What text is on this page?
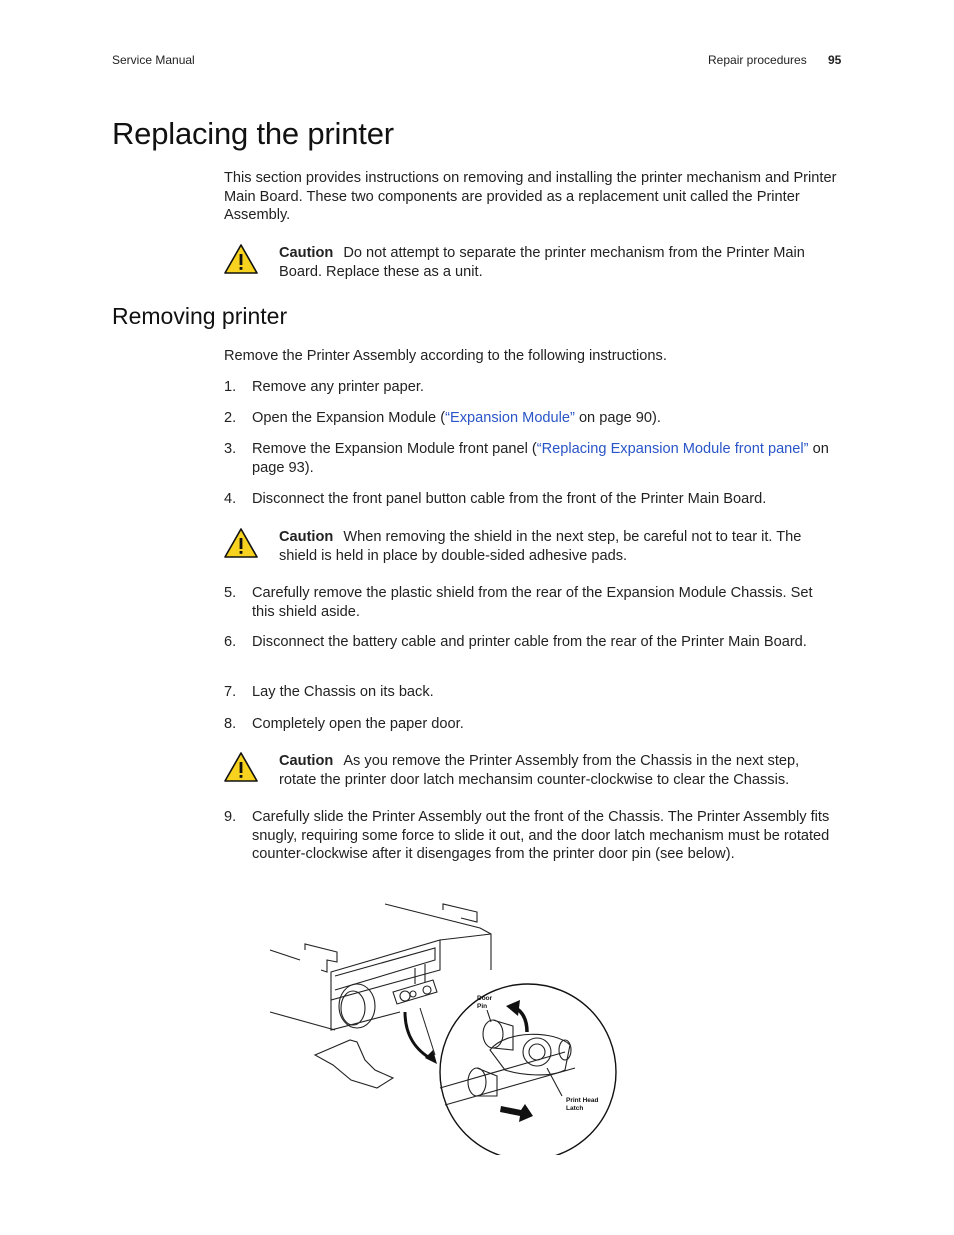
Service Manual	Repair procedures 95
Replacing the printer
This section provides instructions on removing and installing the printer mechanism and Printer Main Board. These two components are provided as a replacement unit called the Printer Assembly.
Caution Do not attempt to separate the printer mechanism from the Printer Main Board. Replace these as a unit.
Removing printer
Remove the Printer Assembly according to the following instructions.
1. Remove any printer paper.
2. Open the Expansion Module (“Expansion Module” on page 90).
3. Remove the Expansion Module front panel (“Replacing Expansion Module front panel” on page 93).
4. Disconnect the front panel button cable from the front of the Printer Main Board.
Caution When removing the shield in the next step, be careful not to tear it. The shield is held in place by double-sided adhesive pads.
5. Carefully remove the plastic shield from the rear of the Expansion Module Chassis. Set this shield aside.
6. Disconnect the battery cable and printer cable from the rear of the Printer Main Board.
7. Lay the Chassis on its back.
8. Completely open the paper door.
Caution As you remove the Printer Assembly from the Chassis in the next step, rotate the printer door latch mechansim counter-clockwise to clear the Chassis.
9. Carefully slide the Printer Assembly out the front of the Chassis. The Printer Assembly fits snugly, requiring some force to slide it out, and the door latch mechanism must be rotated counter-clockwise after it disengages from the printer door pin (see below).
Door
Pin
Print Head
Latch
